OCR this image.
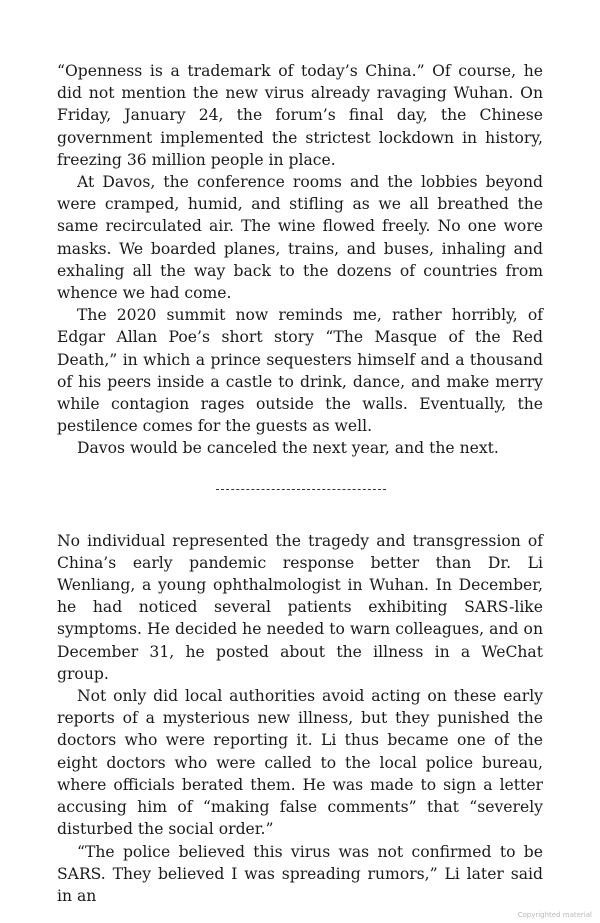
“Openness is a trademark of today’s China.” Of course, he did not mention the new virus already ravaging Wuhan. On Friday, January 24, the forum’s final day, the Chinese government implemented the strictest lockdown in history, freezing 36 million people in place.

At Davos, the conference rooms and the lobbies beyond were cramped, humid, and stifling as we all breathed the same recirculated air. The wine flowed freely. No one wore masks. We boarded planes, trains, and buses, inhaling and exhaling all the way back to the dozens of countries from whence we had come.

The 2020 summit now reminds me, rather horribly, of Edgar Allan Poe’s short story “The Masque of the Red Death,” in which a prince sequesters himself and a thousand of his peers inside a castle to drink, dance, and make merry while contagion rages outside the walls. Eventually, the pestilence comes for the guests as well.

Davos would be canceled the next year, and the next.

No individual represented the tragedy and transgression of China’s early pandemic response better than Dr. Li Wenliang, a young ophthalmologist in Wuhan. In December, he had noticed several patients exhibiting SARS-like symptoms. He decided he needed to warn colleagues, and on December 31, he posted about the illness in a WeChat group.

Not only did local authorities avoid acting on these early reports of a mysterious new illness, but they punished the doctors who were reporting it. Li thus became one of the eight doctors who were called to the local police bureau, where officials berated them. He was made to sign a letter accusing him of “making false comments” that “severely disturbed the social order.”

“The police believed this virus was not confirmed to be SARS. They believed I was spreading rumors,” Li later said in an

Copyrighted material
